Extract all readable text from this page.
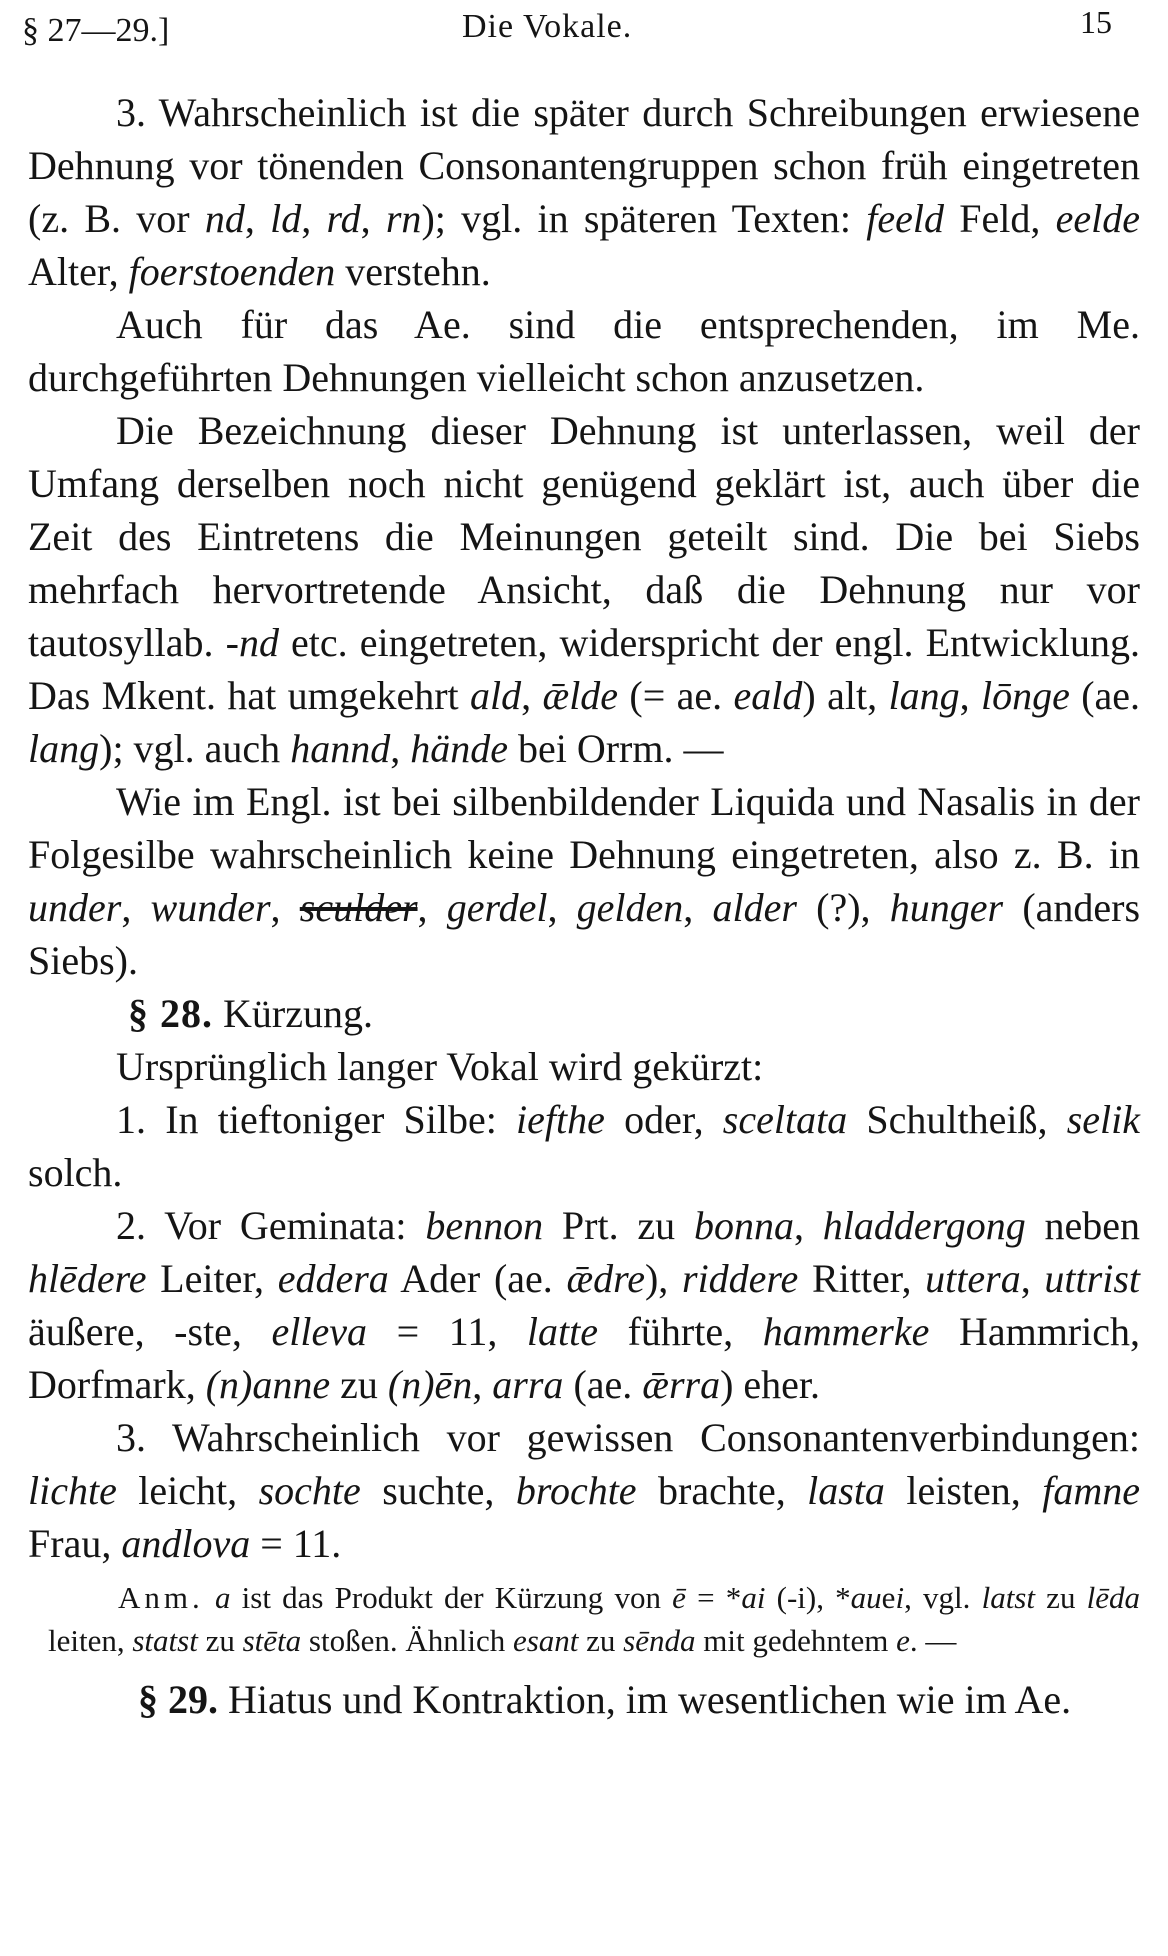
§ 27—29.]	Die Vokale.	15

3. Wahrscheinlich ist die später durch Schreibungen erwiesene Dehnung vor tönenden Consonantengruppen schon früh eingetreten (z. B. vor nd, ld, rd, rn); vgl. in späteren Texten: feeld Feld, eelde Alter, foerstoenden verstehn.

Auch für das Ae. sind die entsprechenden, im Me. durchgeführten Dehnungen vielleicht schon anzusetzen.

Die Bezeichnung dieser Dehnung ist unterlassen, weil der Umfang derselben noch nicht genügend geklärt ist, auch über die Zeit des Eintretens die Meinungen geteilt sind. Die bei Siebs mehrfach hervortretende Ansicht, daß die Dehnung nur vor tautosyllab. -nd etc. eingetreten, widerspricht der engl. Entwicklung. Das Mkent. hat umgekehrt ald, ǣlde (= ae. eald) alt, lang, lōnge (ae. lang); vgl. auch hannd, hände bei Orrm. —

Wie im Engl. ist bei silbenbildender Liquida und Nasalis in der Folgesilbe wahrscheinlich keine Dehnung eingetreten, also z. B. in under, wunder, sculder, gerdel, gelden, alder (?), hunger (anders Siebs).

§ 28. Kürzung.

Ursprünglich langer Vokal wird gekürzt:

1. In tieftoniger Silbe: iefthe oder, sceltata Schultheiß, selik solch.

2. Vor Geminata: bennon Prt. zu bonna, hladdergong neben hlēdere Leiter, eddera Ader (ae. ǣdre), riddere Ritter, uttera, uttrist äußere, -ste, elleva = 11, latte führte, hammerke Hammrich, Dorfmark, (n)anne zu (n)ēn, arra (ae. ǣrra) eher.

3. Wahrscheinlich vor gewissen Consonantenverbindungen: lichte leicht, sochte suchte, brochte brachte, lasta leisten, famne Frau, andlova = 11.

Anm. a ist das Produkt der Kürzung von ē = *ai (-i), *auei, vgl. latst zu lēda leiten, statst zu stēta stoßen. Ähnlich esant zu sēnda mit gedehntem e. —

§ 29. Hiatus und Kontraktion, im wesentlichen wie im Ae.
